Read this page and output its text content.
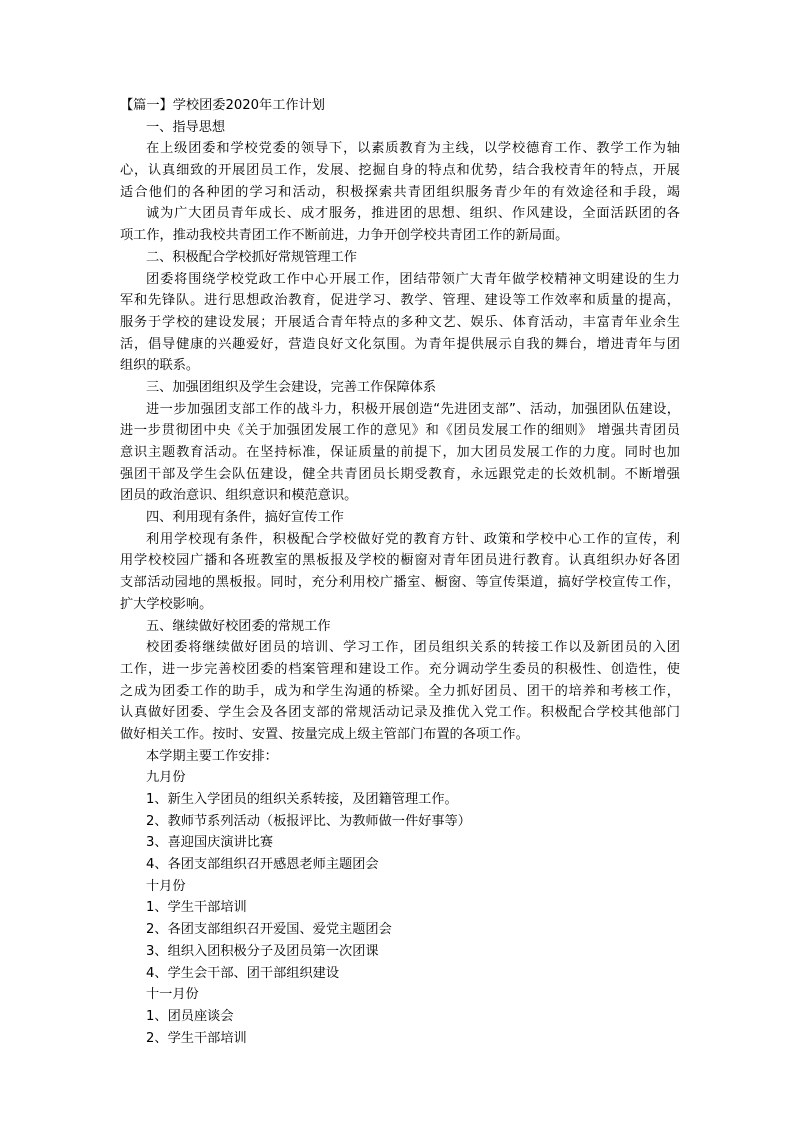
【篇一】学校团委2020年工作计划
一、指导思想
在上级团委和学校党委的领导下，以素质教育为主线，以学校德育工作、教学工作为轴
心，认真细致的开展团员工作，发展、挖掘自身的特点和优势，结合我校青年的特点，开展
适合他们的各种团的学习和活动，积极探索共青团组织服务青少年的有效途径和手段，竭
诚为广大团员青年成长、成才服务，推进团的思想、组织、作风建设，全面活跃团的各
项工作，推动我校共青团工作不断前进，力争开创学校共青团工作的新局面。
二、积极配合学校抓好常规管理工作
团委将围绕学校党政工作中心开展工作，团结带领广大青年做学校精神文明建设的生力
军和先锋队。进行思想政治教育，促进学习、教学、管理、建设等工作效率和质量的提高，
服务于学校的建设发展；开展适合青年特点的多种文艺、娱乐、体育活动，丰富青年业余生
活，倡导健康的兴趣爱好，营造良好文化氛围。为青年提供展示自我的舞台，增进青年与团
组织的联系。
三、加强团组织及学生会建设，完善工作保障体系
进一步加强团支部工作的战斗力，积极开展创造“先进团支部”、活动，加强团队伍建设，
进一步贯彻团中央《关于加强团发展工作的意见》和《团员发展工作的细则》 增强共青团员
意识主题教育活动。在坚持标准，保证质量的前提下，加大团员发展工作的力度。同时也加
强团干部及学生会队伍建设，健全共青团员长期受教育，永远跟党走的长效机制。不断增强
团员的政治意识、组织意识和模范意识。
四、利用现有条件，搞好宣传工作
利用学校现有条件，积极配合学校做好党的教育方针、政策和学校中心工作的宣传，利
用学校校园广播和各班教室的黑板报及学校的橱窗对青年团员进行教育。认真组织办好各团
支部活动园地的黑板报。同时，充分利用校广播室、橱窗、等宣传渠道，搞好学校宣传工作，
扩大学校影响。
五、继续做好校团委的常规工作
校团委将继续做好团员的培训、学习工作，团员组织关系的转接工作以及新团员的入团
工作，进一步完善校团委的档案管理和建设工作。充分调动学生委员的积极性、创造性，使
之成为团委工作的助手，成为和学生沟通的桥梁。全力抓好团员、团干的培养和考核工作，
认真做好团委、学生会及各团支部的常规活动记录及推优入党工作。积极配合学校其他部门
做好相关工作。按时、安置、按量完成上级主管部门布置的各项工作。
本学期主要工作安排：
九月份
1、新生入学团员的组织关系转接，及团籍管理工作。
2、教师节系列活动（板报评比、为教师做一件好事等）
3、喜迎国庆演讲比赛
4、各团支部组织召开感恩老师主题团会
十月份
1、学生干部培训
2、各团支部组织召开爱国、爱党主题团会
3、组织入团积极分子及团员第一次团课
4、学生会干部、团干部组织建设
十一月份
1、团员座谈会
2、学生干部培训
